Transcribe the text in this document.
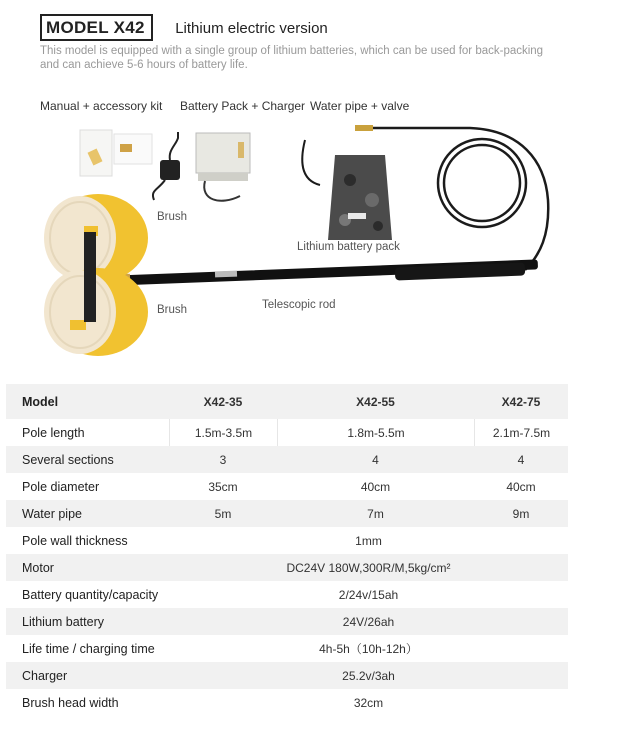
MODEL X42 Lithium electric version
This model is equipped with a single group of lithium batteries, which can be used for back-packing and can achieve 5-6 hours of battery life.
Manual + accessory kit Battery Pack + Charger Water pipe + valve
Brush
Lithium battery pack
Brush	Telescopic rod
Model	X42-35	X42-55	X42-75
Pole length	1.5m-3.5m	1.8m-5.5m	2.1m-7.5m
Several sections	3	4	4
Pole diameter	35cm	40cm	40cm
Water pipe	5m	7m	9m
Pole wall thickness	1mm
Motor	DC24V 180W,300R/M,5kg/cm²
Battery quantity/capacity	2/24v/15ah
Lithium battery	24V/26ah
Life time / charging time	4h-5h（10h-12h）
Charger	25.2v/3ah
Brush head width	32cm
